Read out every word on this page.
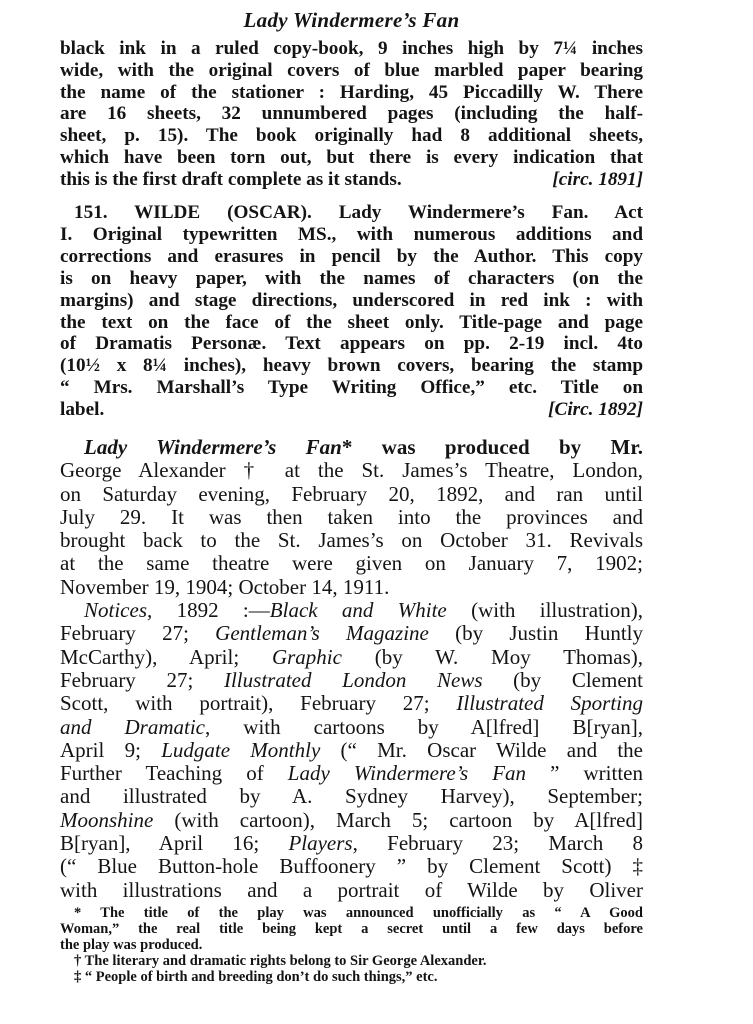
Lady Windermere’s Fan
black ink in a ruled copy-book, 9 inches high by 7¼ inches
wide, with the original covers of blue marbled paper bearing
the name of the stationer : Harding, 45 Piccadilly W. There
are 16 sheets, 32 unnumbered pages (including the half-
sheet, p. 15). The book originally had 8 additional sheets,
which have been torn out, but there is every indication that
this is the first draft complete as it stands.	[circ. 1891]
151. WILDE (OSCAR). Lady Windermere’s Fan. Act
I. Original typewritten MS., with numerous additions and
corrections and erasures in pencil by the Author. This copy
is on heavy paper, with the names of characters (on the
margins) and stage directions, underscored in red ink : with
the text on the face of the sheet only. Title-page and page
of Dramatis Personæ. Text appears on pp. 2-19 incl. 4to
(10½ x 8¼ inches), heavy brown covers, bearing the stamp
“ Mrs. Marshall’s Type Writing Office,” etc. Title on
label.	[Circ. 1892]
Lady Windermere’s Fan* was produced by Mr.
George Alexander † at the St. James’s Theatre, London,
on Saturday evening, February 20, 1892, and ran until
July 29. It was then taken into the provinces and
brought back to the St. James’s on October 31. Revivals
at the same theatre were given on January 7, 1902;
November 19, 1904; October 14, 1911.
Notices, 1892 :—Black and White (with illustration),
February 27; Gentleman’s Magazine (by Justin Huntly
McCarthy), April; Graphic (by W. Moy Thomas),
February 27; Illustrated London News (by Clement
Scott, with portrait), February 27; Illustrated Sporting
and Dramatic, with cartoons by A[lfred] B[ryan],
April 9; Ludgate Monthly (“ Mr. Oscar Wilde and the
Further Teaching of Lady Windermere’s Fan ” written
and illustrated by A. Sydney Harvey), September;
Moonshine (with cartoon), March 5; cartoon by A[lfred]
B[ryan], April 16; Players, February 23; March 8
(“ Blue Button-hole Buffoonery ” by Clement Scott) ‡
with illustrations and a portrait of Wilde by Oliver
* The title of the play was announced unofficially as “ A Good
Woman,” the real title being kept a secret until a few days before
the play was produced.
† The literary and dramatic rights belong to Sir George Alexander.
‡ “ People of birth and breeding don’t do such things,” etc.
